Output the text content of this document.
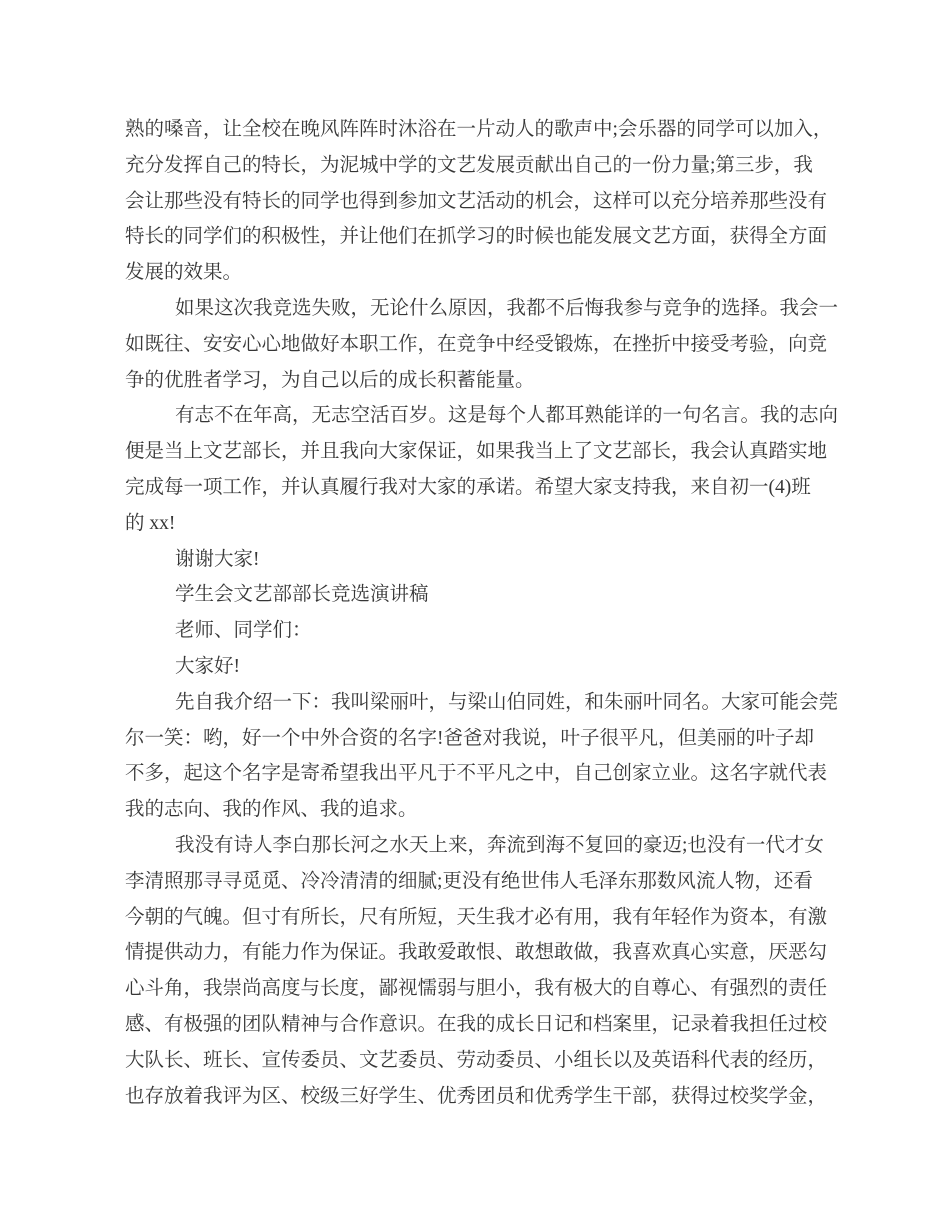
熟的嗓音，让全校在晚风阵阵时沐浴在一片动人的歌声中;会乐器的同学可以加入，
充分发挥自己的特长，为泥城中学的文艺发展贡献出自己的一份力量;第三步，我
会让那些没有特长的同学也得到参加文艺活动的机会，这样可以充分培养那些没有
特长的同学们的积极性，并让他们在抓学习的时候也能发展文艺方面，获得全方面
发展的效果。
如果这次我竞选失败，无论什么原因，我都不后悔我参与竞争的选择。我会一
如既往、安安心心地做好本职工作，在竞争中经受锻炼，在挫折中接受考验，向竞
争的优胜者学习，为自己以后的成长积蓄能量。
有志不在年高，无志空活百岁。这是每个人都耳熟能详的一句名言。我的志向
便是当上文艺部长，并且我向大家保证，如果我当上了文艺部长，我会认真踏实地
完成每一项工作，并认真履行我对大家的承诺。希望大家支持我，来自初一(4)班
的 xx!
谢谢大家!
学生会文艺部部长竞选演讲稿
老师、同学们：
大家好!
先自我介绍一下：我叫梁丽叶，与梁山伯同姓，和朱丽叶同名。大家可能会莞
尔一笑：哟，好一个中外合资的名字!爸爸对我说，叶子很平凡，但美丽的叶子却
不多，起这个名字是寄希望我出平凡于不平凡之中，自己创家立业。这名字就代表
我的志向、我的作风、我的追求。
我没有诗人李白那长河之水天上来，奔流到海不复回的豪迈;也没有一代才女
李清照那寻寻觅觅、冷冷清清的细腻;更没有绝世伟人毛泽东那数风流人物，还看
今朝的气魄。但寸有所长，尺有所短，天生我才必有用，我有年轻作为资本，有激
情提供动力，有能力作为保证。我敢爱敢恨、敢想敢做，我喜欢真心实意，厌恶勾
心斗角，我崇尚高度与长度，鄙视懦弱与胆小，我有极大的自尊心、有强烈的责任
感、有极强的团队精神与合作意识。在我的成长日记和档案里，记录着我担任过校
大队长、班长、宣传委员、文艺委员、劳动委员、小组长以及英语科代表的经历，
也存放着我评为区、校级三好学生、优秀团员和优秀学生干部，获得过校奖学金，
